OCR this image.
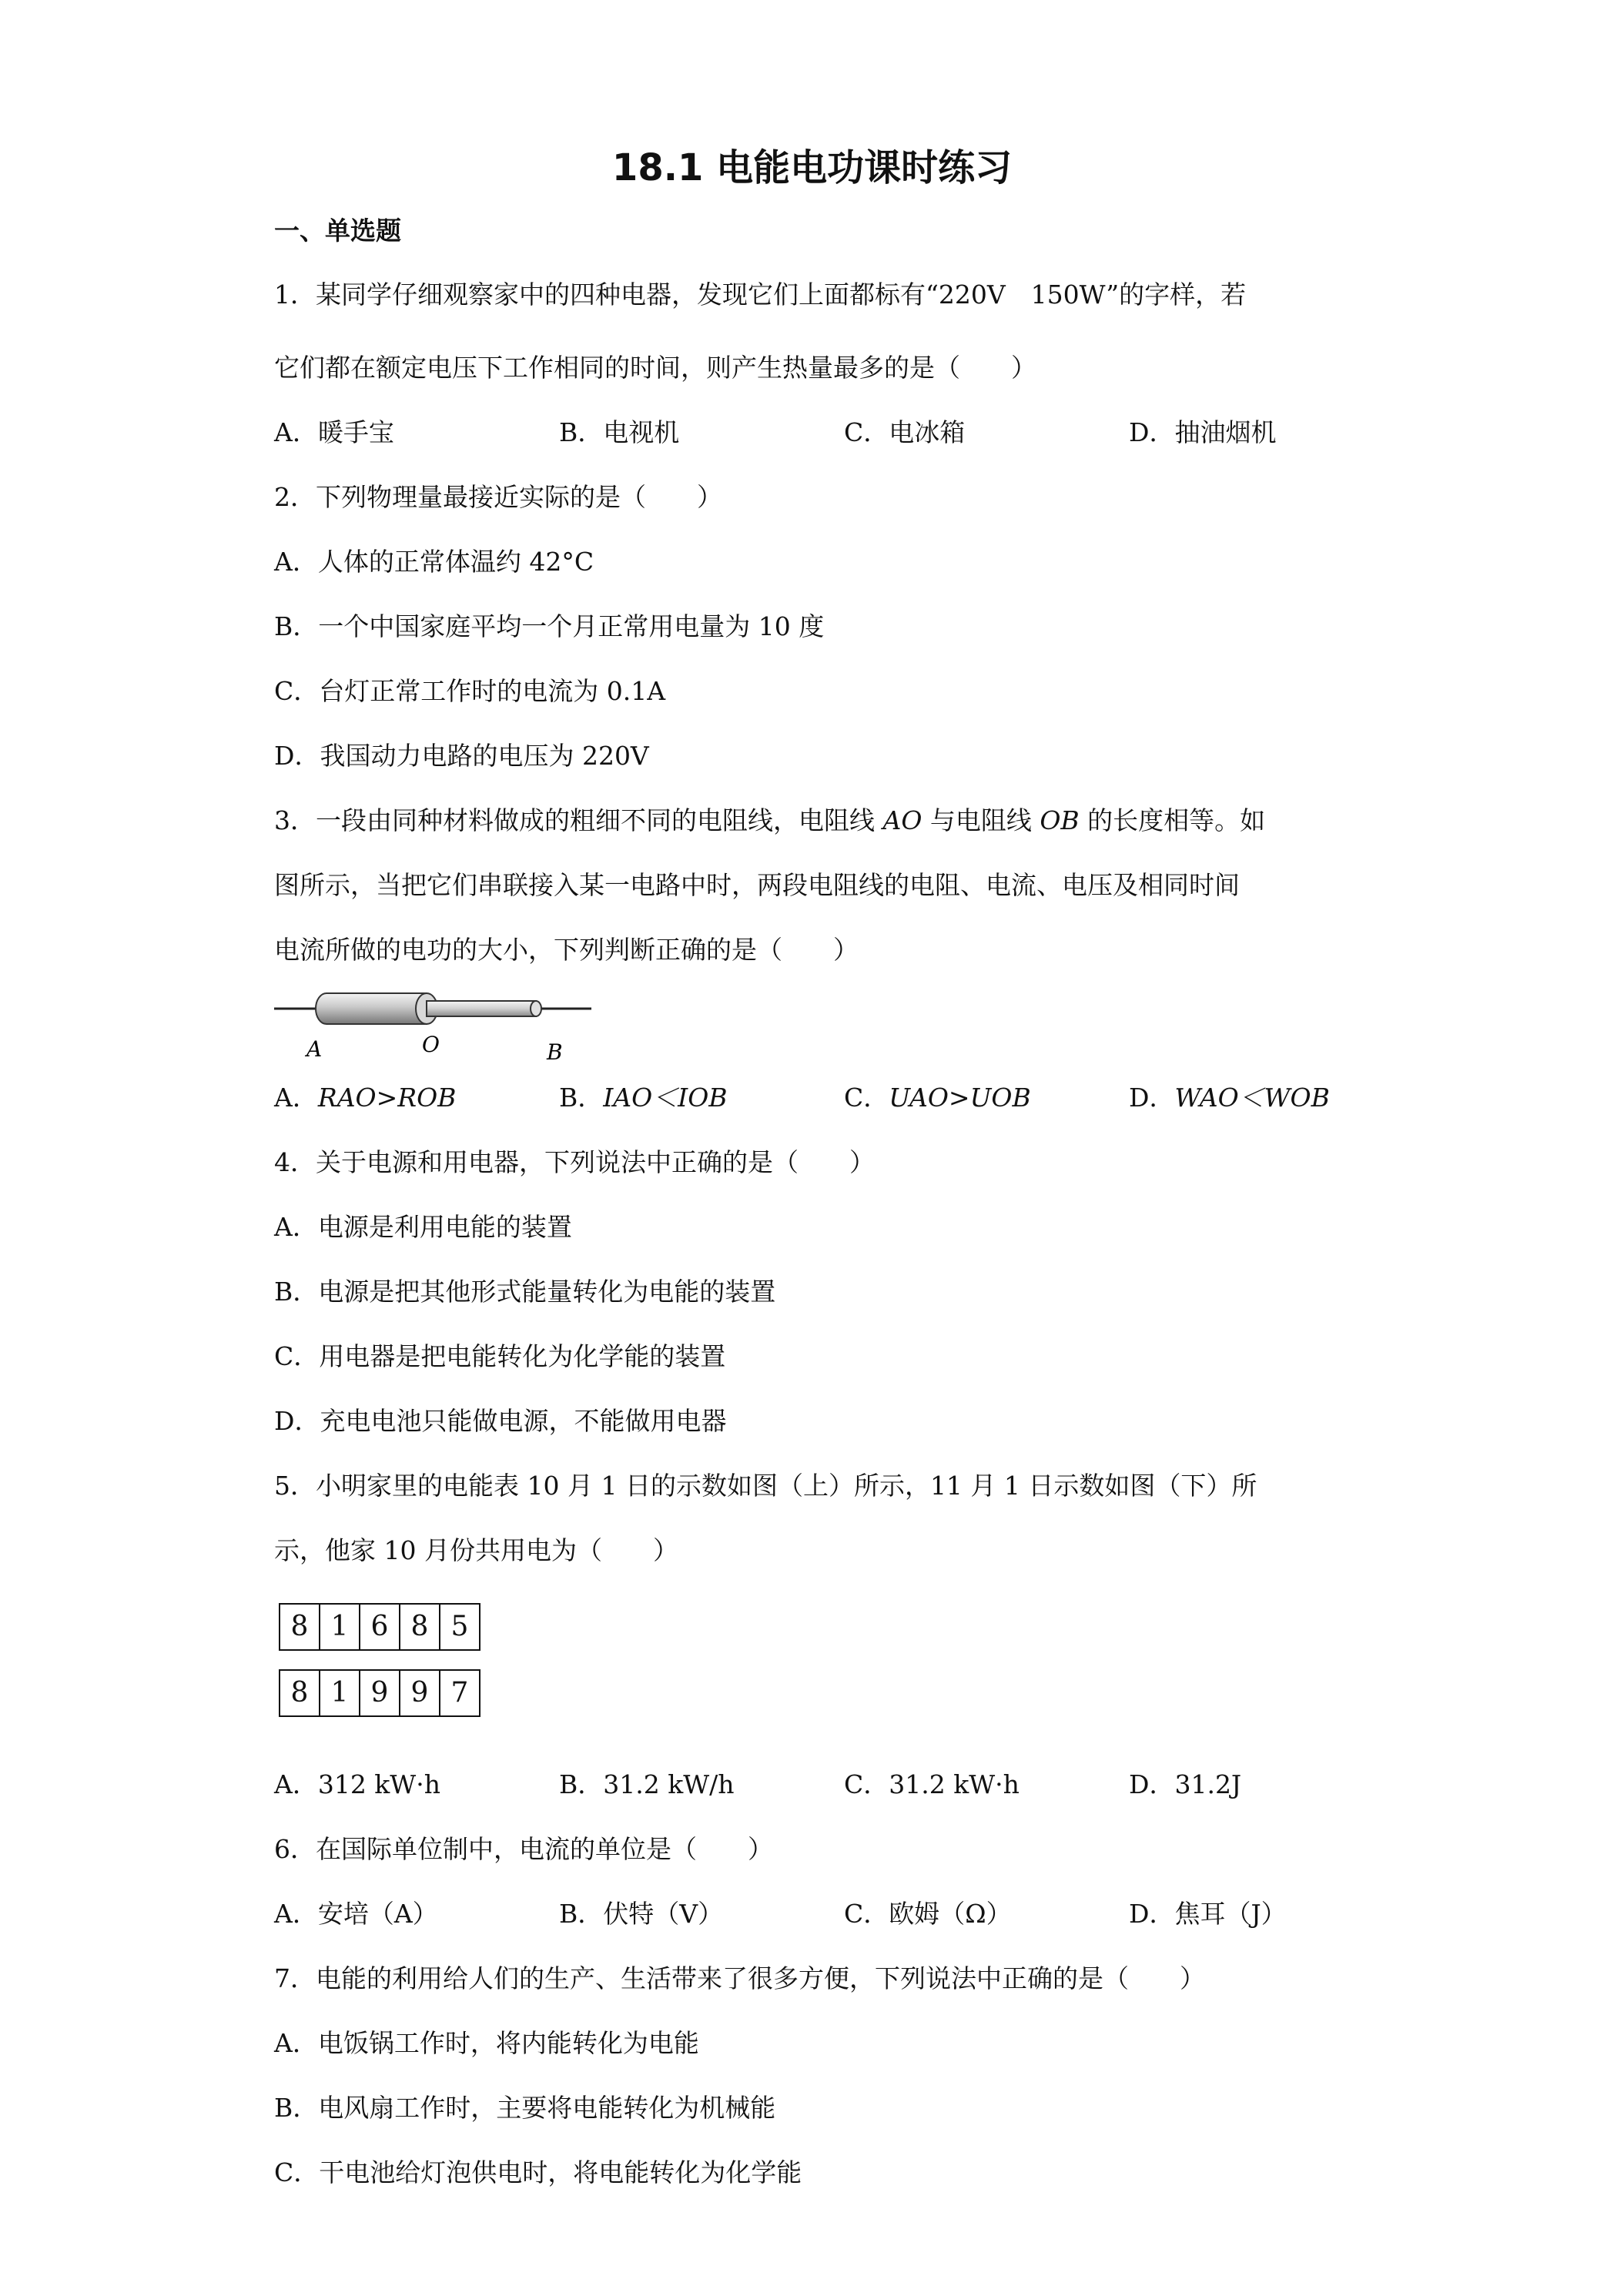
18.1 电能电功课时练习
一、单选题
1．某同学仔细观察家中的四种电器，发现它们上面都标有“220V　150W”的字样，若
它们都在额定电压下工作相同的时间，则产生热量最多的是（　　）
A．暖手宝	B．电视机	C．电冰箱	D．抽油烟机
2．下列物理量最接近实际的是（　　）
A．人体的正常体温约 42°C
B．一个中国家庭平均一个月正常用电量为 10 度
C．台灯正常工作时的电流为 0.1A
D．我国动力电路的电压为 220V
3．一段由同种材料做成的粗细不同的电阻线，电阻线 AO 与电阻线 OB 的长度相等。如
图所示，当把它们串联接入某一电路中时，两段电阻线的电阻、电流、电压及相同时间
电流所做的电功的大小，下列判断正确的是（　　）
A	O	B
A．RAO>ROB	B．IAO＜IOB	C．UAO>UOB	D．WAO＜WOB
4．关于电源和用电器，下列说法中正确的是（　　）
A．电源是利用电能的装置
B．电源是把其他形式能量转化为电能的装置
C．用电器是把电能转化为化学能的装置
D．充电电池只能做电源，不能做用电器
5．小明家里的电能表 10 月 1 日的示数如图（上）所示，11 月 1 日示数如图（下）所
示，他家 10 月份共用电为（　　）
8 1 6 8 5
8 1 9 9 7
A．312 kW·h	B．31.2 kW/h	C．31.2 kW·h	D．31.2J
6．在国际单位制中，电流的单位是（　　）
A．安培（A）	B．伏特（V）	C．欧姆（Ω）	D．焦耳（J）
7．电能的利用给人们的生产、生活带来了很多方便，下列说法中正确的是（　　）
A．电饭锅工作时，将内能转化为电能
B．电风扇工作时，主要将电能转化为机械能
C．干电池给灯泡供电时，将电能转化为化学能
